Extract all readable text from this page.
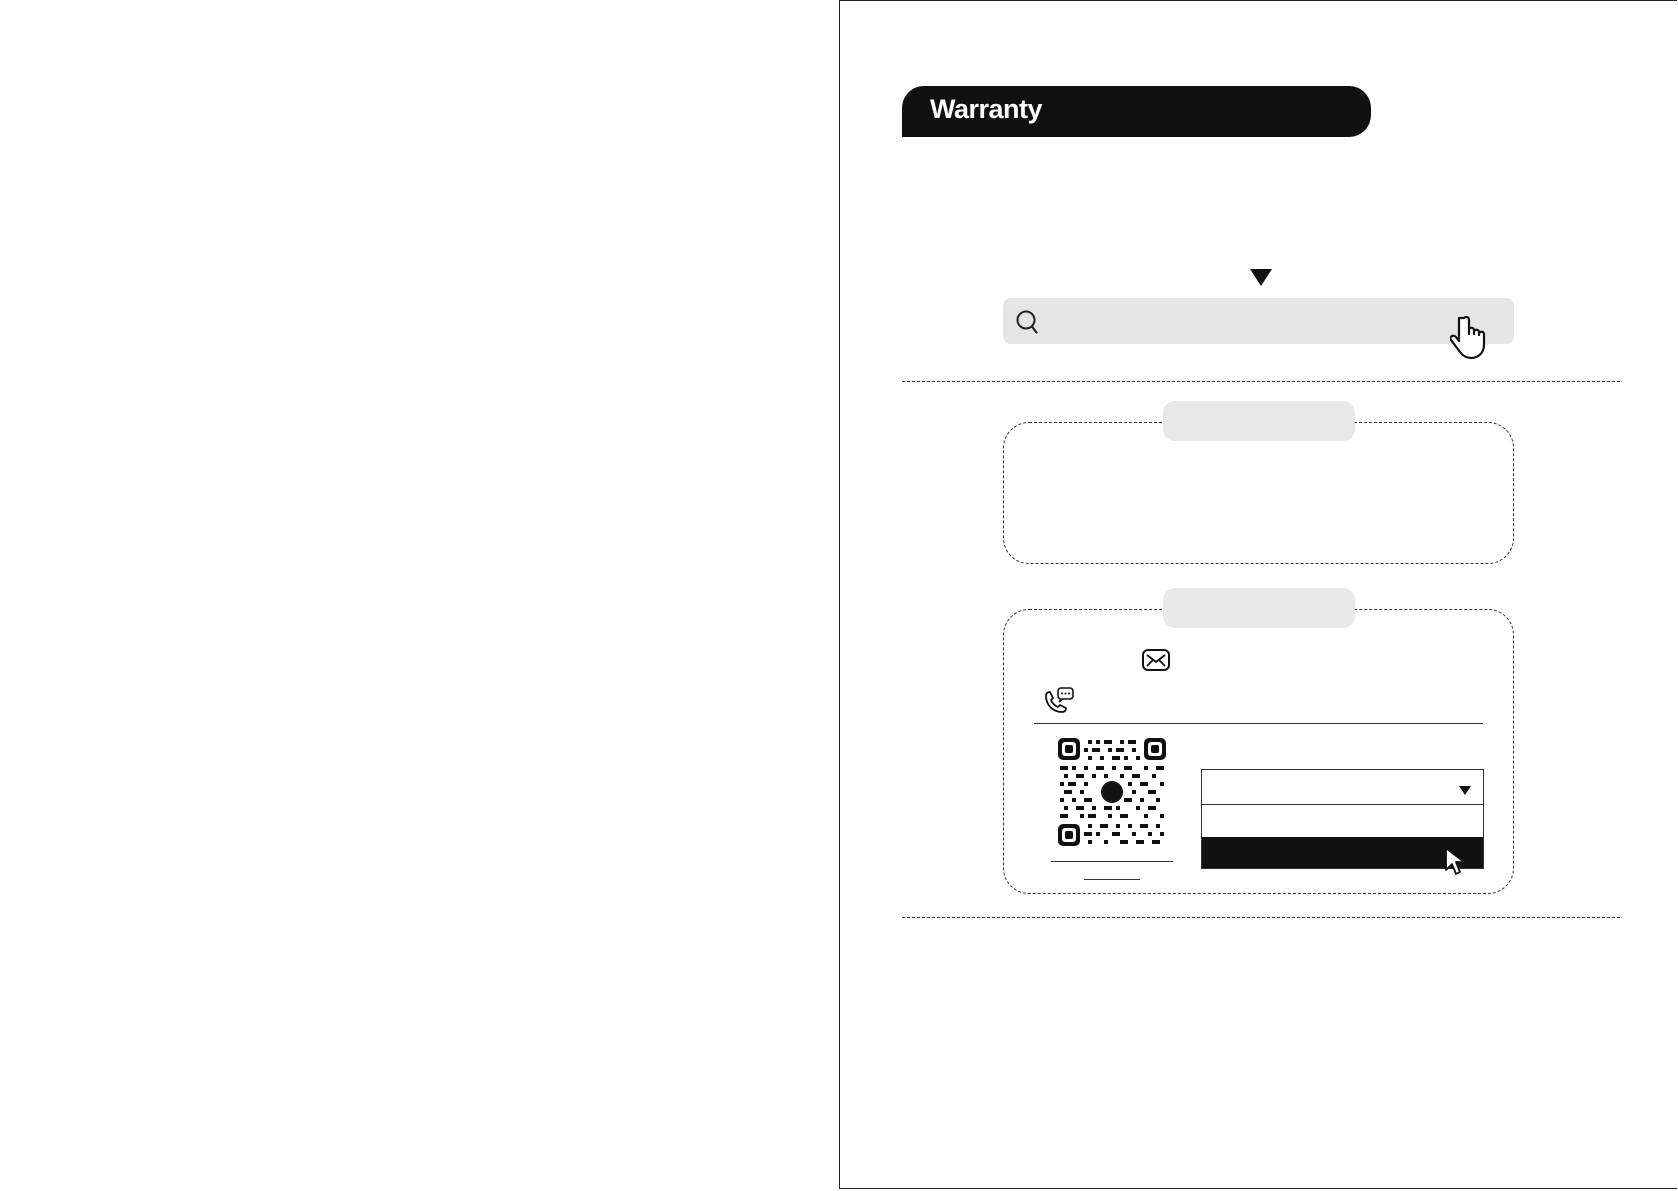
Warranty
